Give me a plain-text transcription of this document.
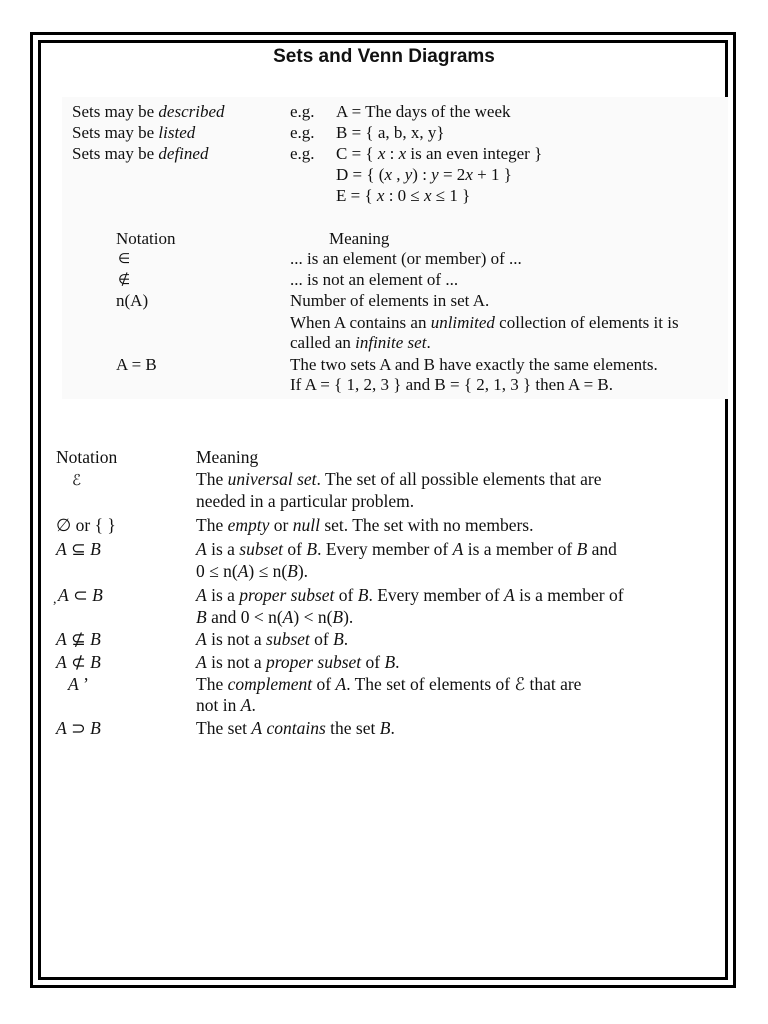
Sets and Venn Diagrams
Sets may be described	e.g. A = The days of the week
Sets may be listed	e.g. B = { a, b, x, y}
Sets may be defined	e.g. C = { x : x is an even integer }
D = { (x , y) : y = 2x + 1 }
E = { x : 0 ≤ x ≤ 1 }
Notation	Meaning
∈	... is an element (or member) of ...
∉	... is not an element of ...
n(A)	Number of elements in set A.
When A contains an unlimited collection of elements it is
called an infinite set.
A = B	The two sets A and B have exactly the same elements.
If A = { 1, 2, 3 } and B = { 2, 1, 3 } then A = B.
Notation	Meaning
ℰ	The universal set. The set of all possible elements that are
needed in a particular problem.
∅ or { }	The empty or null set. The set with no members.
A ⊆ B	A is a subset of B. Every member of A is a member of B and
0 ≤ n(A) ≤ n(B).
, A ⊂ B	A is a proper subset of B. Every member of A is a member of
B and 0 < n(A) < n(B).
A ⊈ B	A is not a subset of B.
A ⊄ B	A is not a proper subset of B.
A ’	The complement of A. The set of elements of ℰ that are
not in A.
A ⊃ B	The set A contains the set B.
